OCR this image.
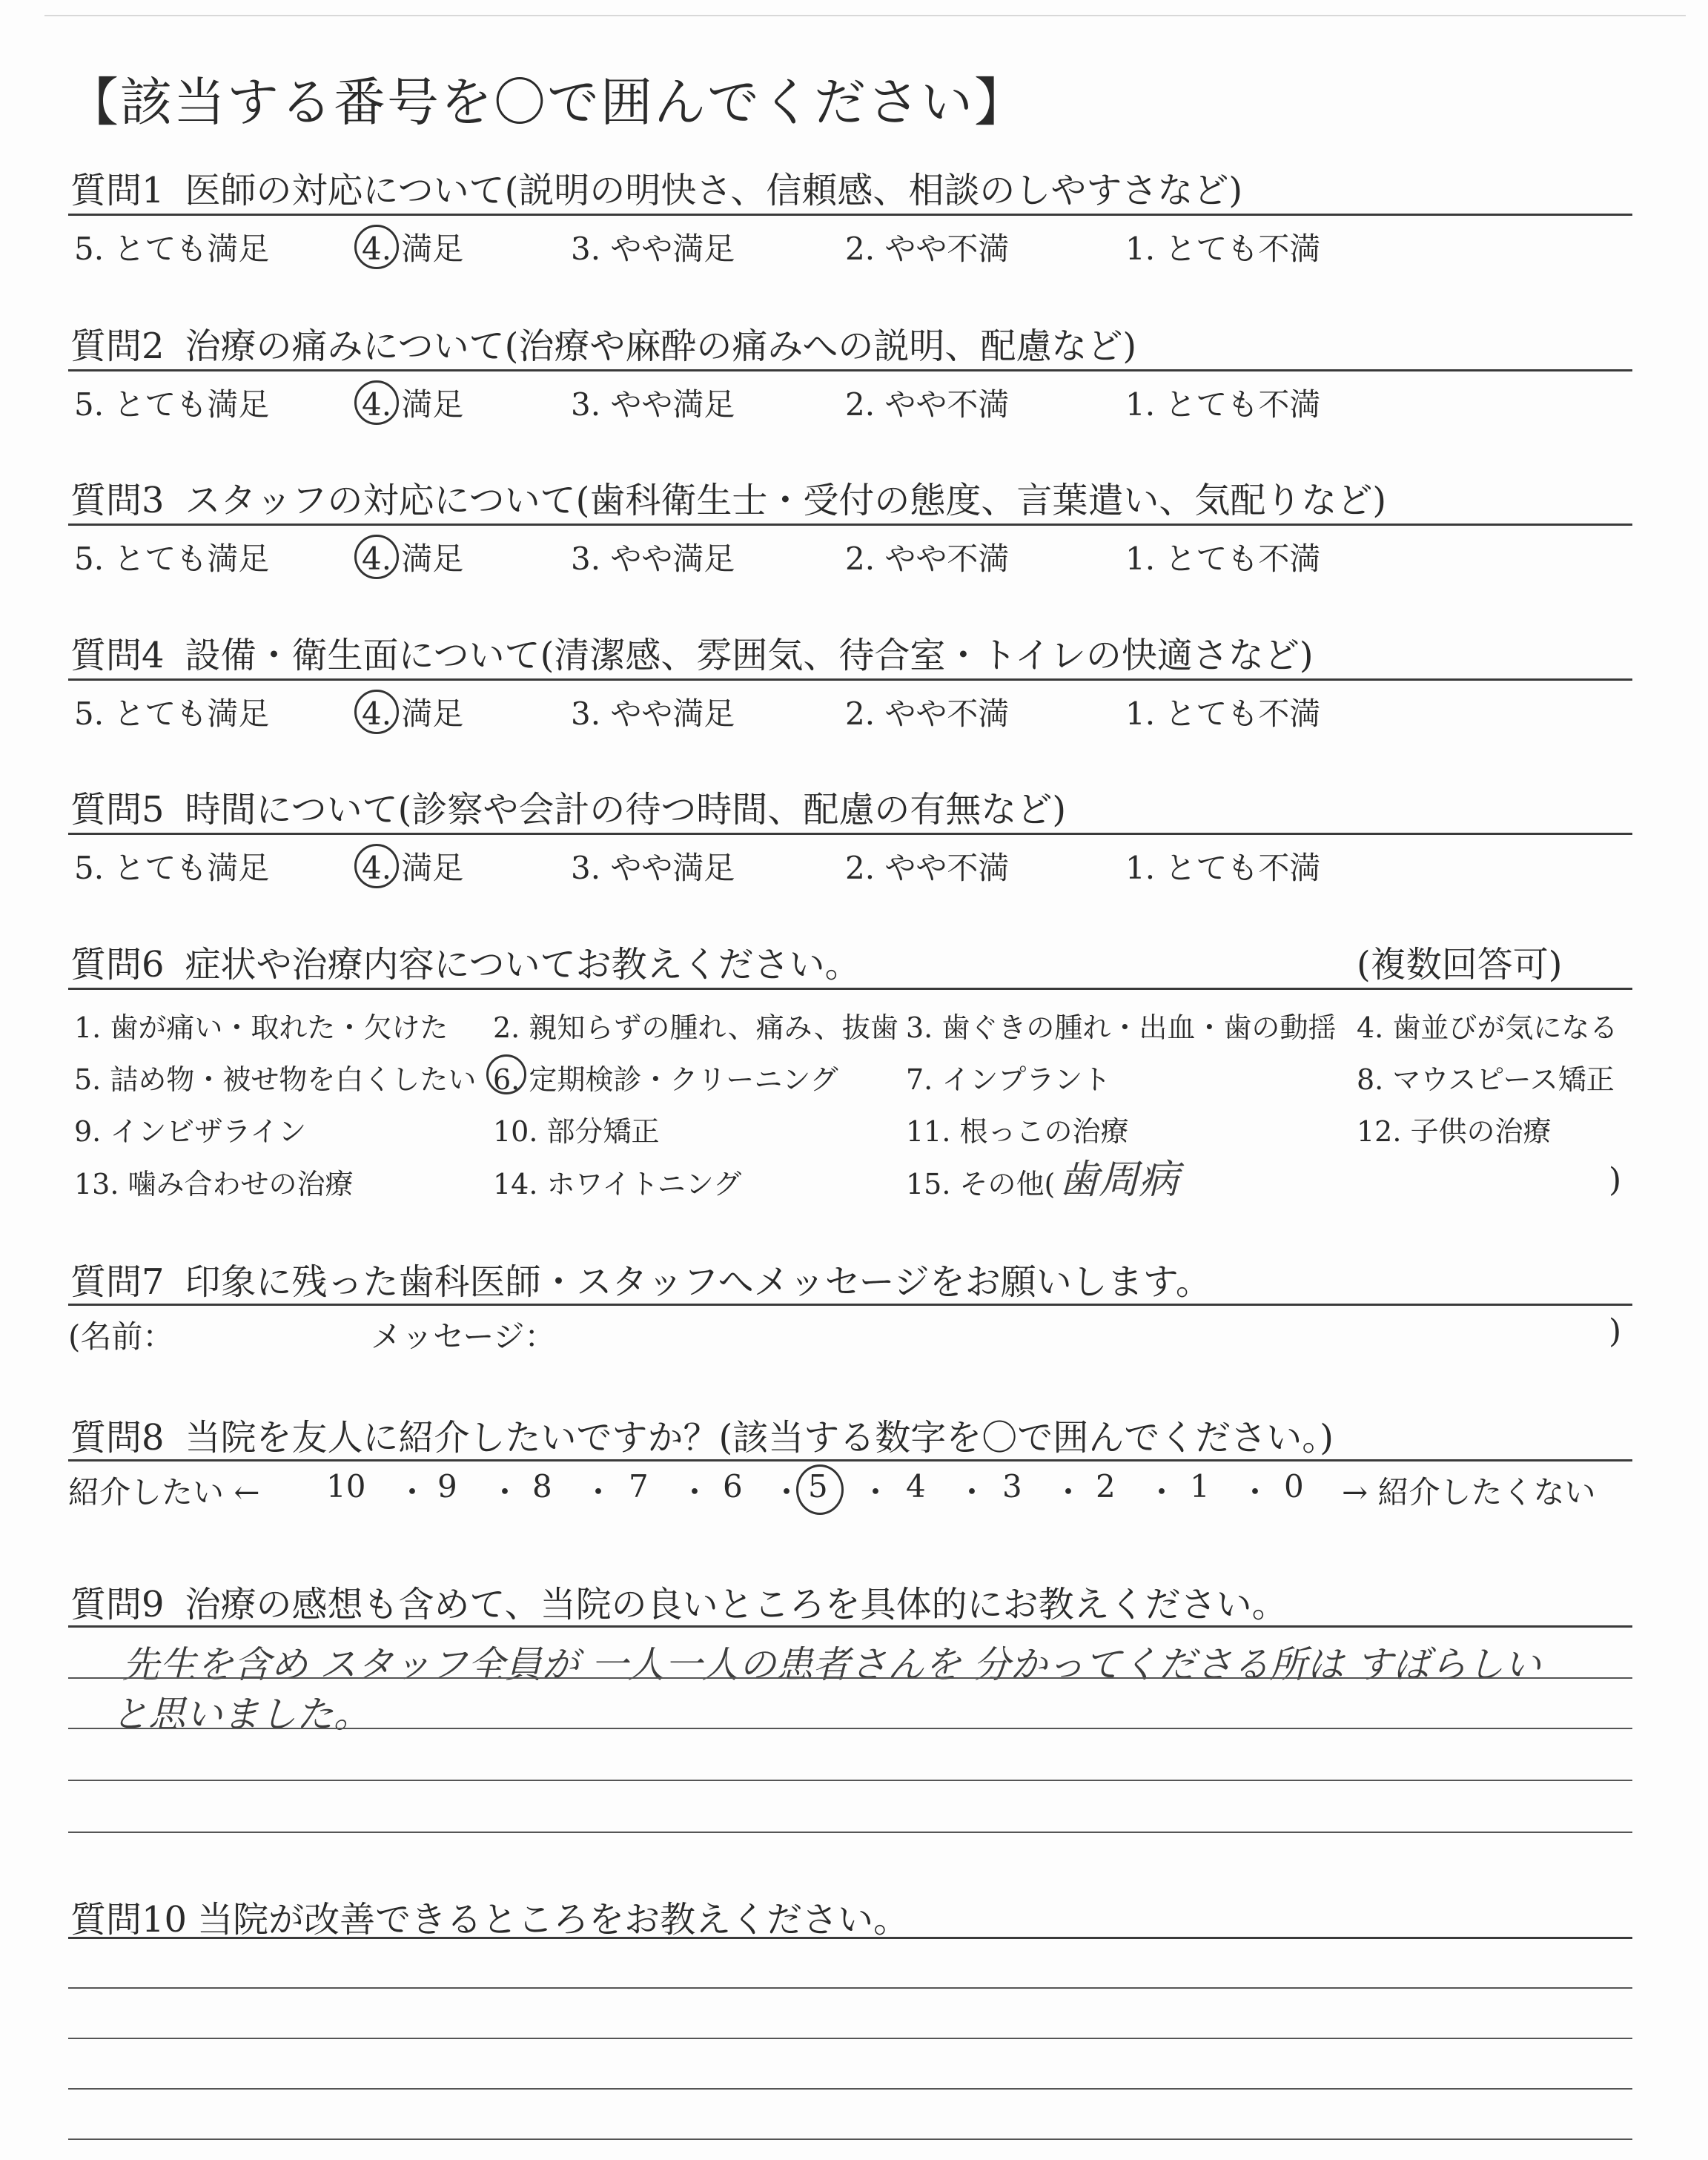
【該当する番号を〇で囲んでください】
質問1 医師の対応について(説明の明快さ、信頼感、相談のしやすさなど)
5. とても満足	4. 満足	3. やや満足	2. やや不満	1. とても不満
質問2 治療の痛みについて(治療や麻酔の痛みへの説明、配慮など)
5. とても満足	4. 満足	3. やや満足	2. やや不満	1. とても不満
質問3 スタッフの対応について(歯科衛生士・受付の態度、言葉遣い、気配りなど)
5. とても満足	4. 満足	3. やや満足	2. やや不満	1. とても不満
質問4 設備・衛生面について(清潔感、雰囲気、待合室・トイレの快適さなど)
5. とても満足	4. 満足	3. やや満足	2. やや不満	1. とても不満
質問5 時間について(診察や会計の待つ時間、配慮の有無など)
5. とても満足	4. 満足	3. やや満足	2. やや不満	1. とても不満
質問6 症状や治療内容についてお教えください。	(複数回答可)
1. 歯が痛い・取れた・欠けた 2. 親知らずの腫れ、痛み、抜歯 3. 歯ぐきの腫れ・出血・歯の動揺 4. 歯並びが気になる
5. 詰め物・被せ物を白くしたい 6. 定期検診・クリーニング 7. インプラント	8. マウスピース矯正
9. インビザライン	10. 部分矯正	11. 根っこの治療	12. 子供の治療
13. 噛み合わせの治療	14. ホワイトニング	15. その他( 歯周病	)
質問7 印象に残った歯科医師・スタッフへメッセージをお願いします。
(名前：	メッセージ：	)
質問8 当院を友人に紹介したいですか？(該当する数字を〇で囲んでください。)
紹介したい ← 10 ・ 9 ・ 8 ・ 7 ・ 6 ・ 5 ・ 4 ・ 3 ・ 2 ・ 1 ・ 0 → 紹介したくない
質問9 治療の感想も含めて、当院の良いところを具体的にお教えください。
先生を含め スタッフ全員が 一人一人の患者さんを 分かってくださる所は すばらしい
と思いました。
質問10 当院が改善できるところをお教えください。
